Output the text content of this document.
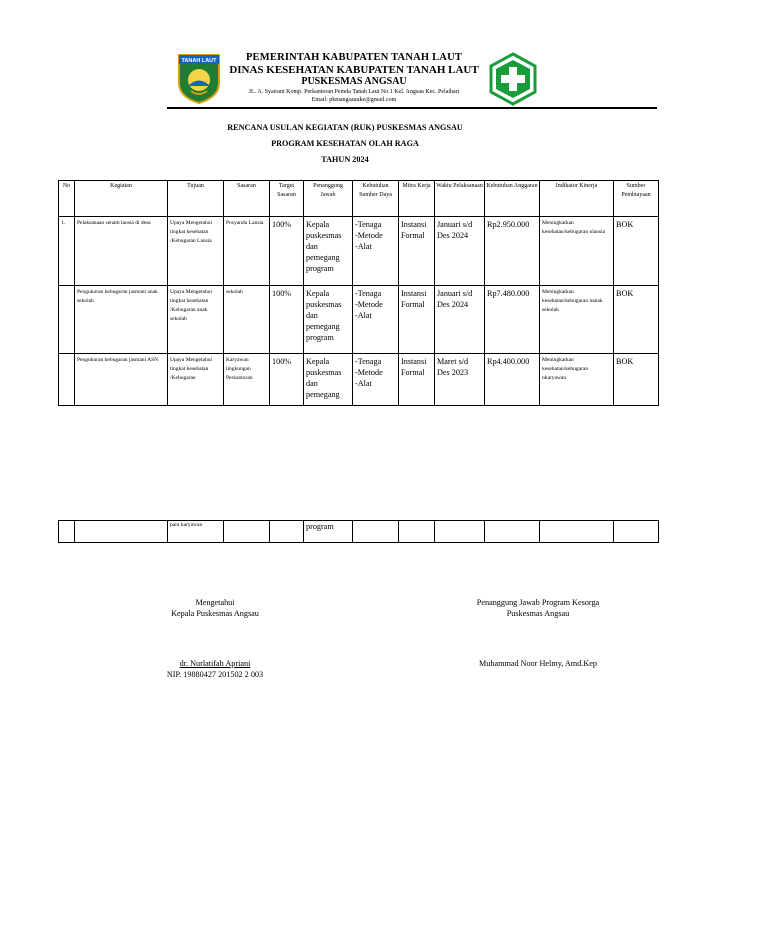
TANAH LAUT	PEMERINTAH KABUPATEN TANAH LAUT
DINAS KESEHATAN KABUPATEN TANAH LAUT
PUSKESMAS ANGSAU
JL. A. Syairani Komp. Perkantoran Pemda Tanah Laut No.1 Kel. Angsau Kec. Pelaihari
Email: pkmangsauuke@gmail.com
RENCANA USULAN KEGIATAN (RUK) PUSKESMAS ANGSAU
PROGRAM KESEHATAN OLAH RAGA
TAHUN 2024
No	Kegiatan	Tujuan	Sasaran	Target Sasaran	Penanggung Jawab	Kebutuhan Sumber Daya	Mitra Kerja	Waktu Pelaksanaan	Kebutuhan Anggaran	Indikator Kinerja	Sumber Pembiayaan
1.	Pelaksanaan senam lansia di desa	Upaya Mengetahui tingkat kesehatan /Kebugaran Lansia	Posyandu Lansia	100%	Kepala puskesmas dan pemegang program	-Tenaga
-Metode
-Alat	Instansi Formal	Januari s/d Des 2024	Rp2.950.000	Meningkatkan kesehatan/kebugaran nlansia	BOK
	Pengukuran kebugaran jasmani anak sekolah	Upaya Mengetahui tingkat kesehatan /Kebugaran anak sekolah	sekolah	100%	Kepala puskesmas dan pemegang program	-Tenaga
-Metode
-Alat	Instansi Formal	Januari s/d Des 2024	Rp7.480.000	Meningkatkan kesehatan/kebugaran nanak sekolah	BOK
	Pengukuran kebugaran jasmani ASN	Upaya Mengetahui tingkat kesehatan /Kebugaran	Karyawan lingkungan Perkantoran	100%	Kepala puskesmas dan pemegang	-Tenaga
-Metode
-Alat	Instansi Formal	Maret s/d Des 2023	Rp4.400.000	Meningkatkan kesehatan/kebugaran nkaryawan	BOK
		para karyawan			program						
Mengetahui
Kepala Puskesmas Angsau
dr. Nurlatifah Apriani
NIP. 19880427 201502 2 003
Penanggung Jawab Program Kesorga
Puskesmas Angsau
Muhammad Noor Helmy, Amd.Kep
